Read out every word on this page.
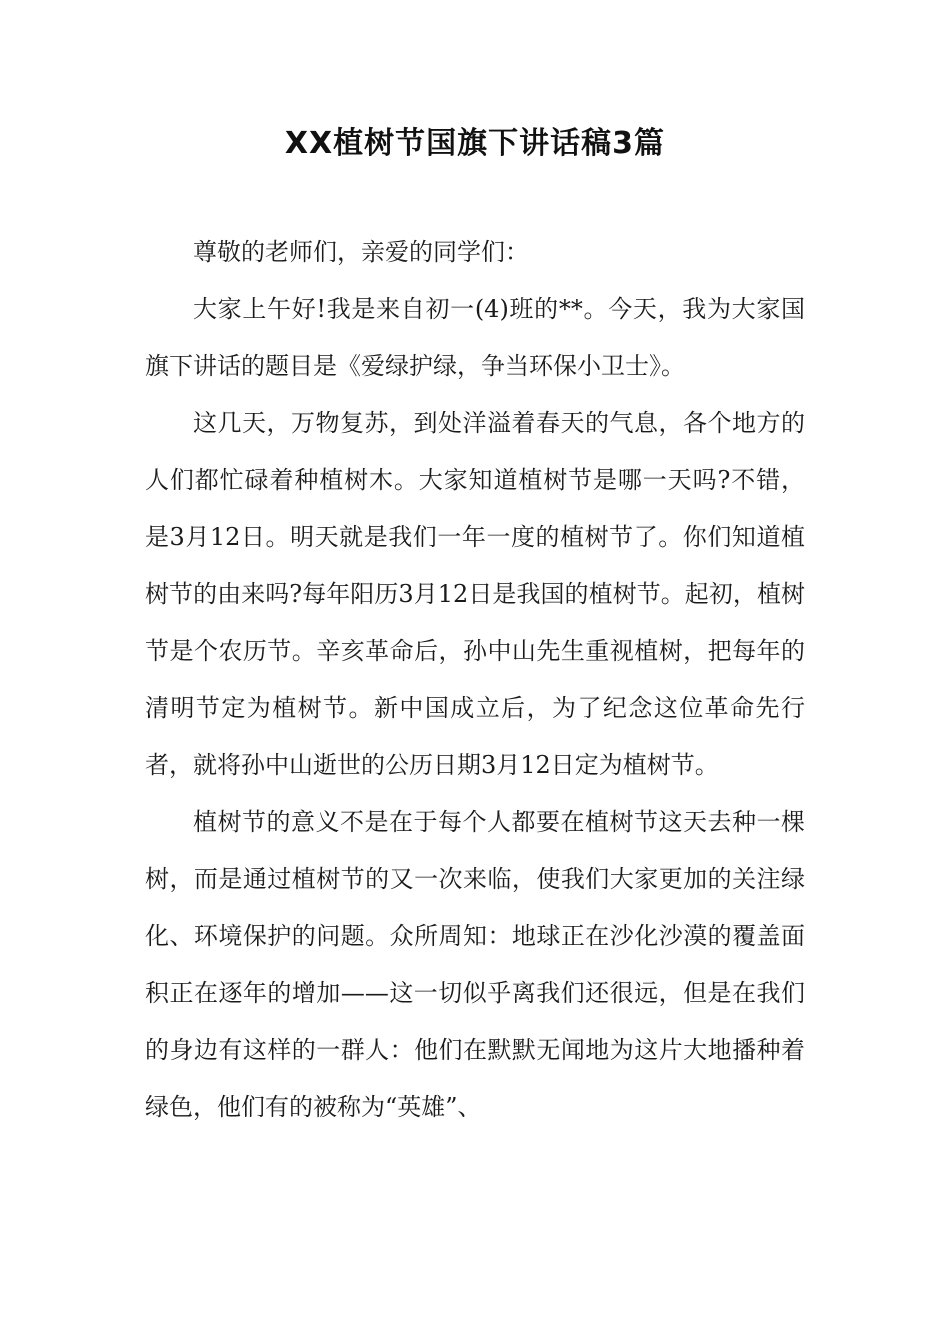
XX植树节国旗下讲话稿3篇

尊敬的老师们，亲爱的同学们：

大家上午好!我是来自初一(4)班的**。今天，我为大家国旗下讲话的题目是《爱绿护绿，争当环保小卫士》。

这几天，万物复苏，到处洋溢着春天的气息，各个地方的人们都忙碌着种植树木。大家知道植树节是哪一天吗?不错，是3月12日。明天就是我们一年一度的植树节了。你们知道植树节的由来吗?每年阳历3月12日是我国的植树节。起初，植树节是个农历节。辛亥革命后，孙中山先生重视植树，把每年的清明节定为植树节。新中国成立后，为了纪念这位革命先行者，就将孙中山逝世的公历日期3月12日定为植树节。

植树节的意义不是在于每个人都要在植树节这天去种一棵树，而是通过植树节的又一次来临，使我们大家更加的关注绿化、环境保护的问题。众所周知：地球正在沙化沙漠的覆盖面积正在逐年的增加——这一切似乎离我们还很远，但是在我们的身边有这样的一群人：他们在默默无闻地为这片大地播种着绿色，他们有的被称为“英雄”、
